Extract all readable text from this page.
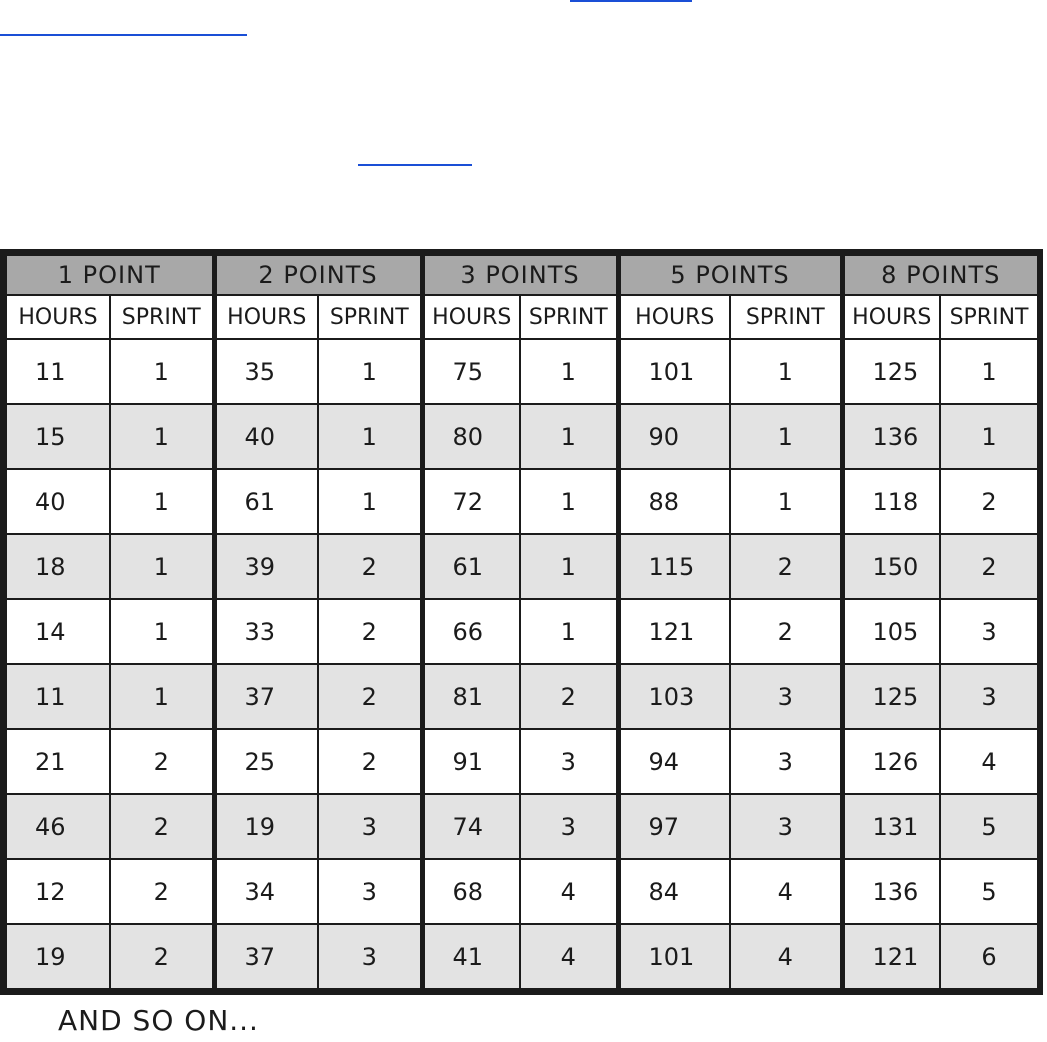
1 POINT		2 POINTS		3 POINTS		5 POINTS		8 POINTS	
HOURS	SPRINT	HOURS	SPRINT	HOURS	SPRINT	HOURS	SPRINT	HOURS	SPRINT
11	1	35	1	75	1	101	1	125	1
15	1	40	1	80	1	90	1	136	1
40	1	61	1	72	1	88	1	118	2
18	1	39	2	61	1	115	2	150	2
14	1	33	2	66	1	121	2	105	3
11	1	37	2	81	2	103	3	125	3
21	2	25	2	91	3	94	3	126	4
46	2	19	3	74	3	97	3	131	5
12	2	34	3	68	4	84	4	136	5
19	2	37	3	41	4	101	4	121	6
AND SO ON...
